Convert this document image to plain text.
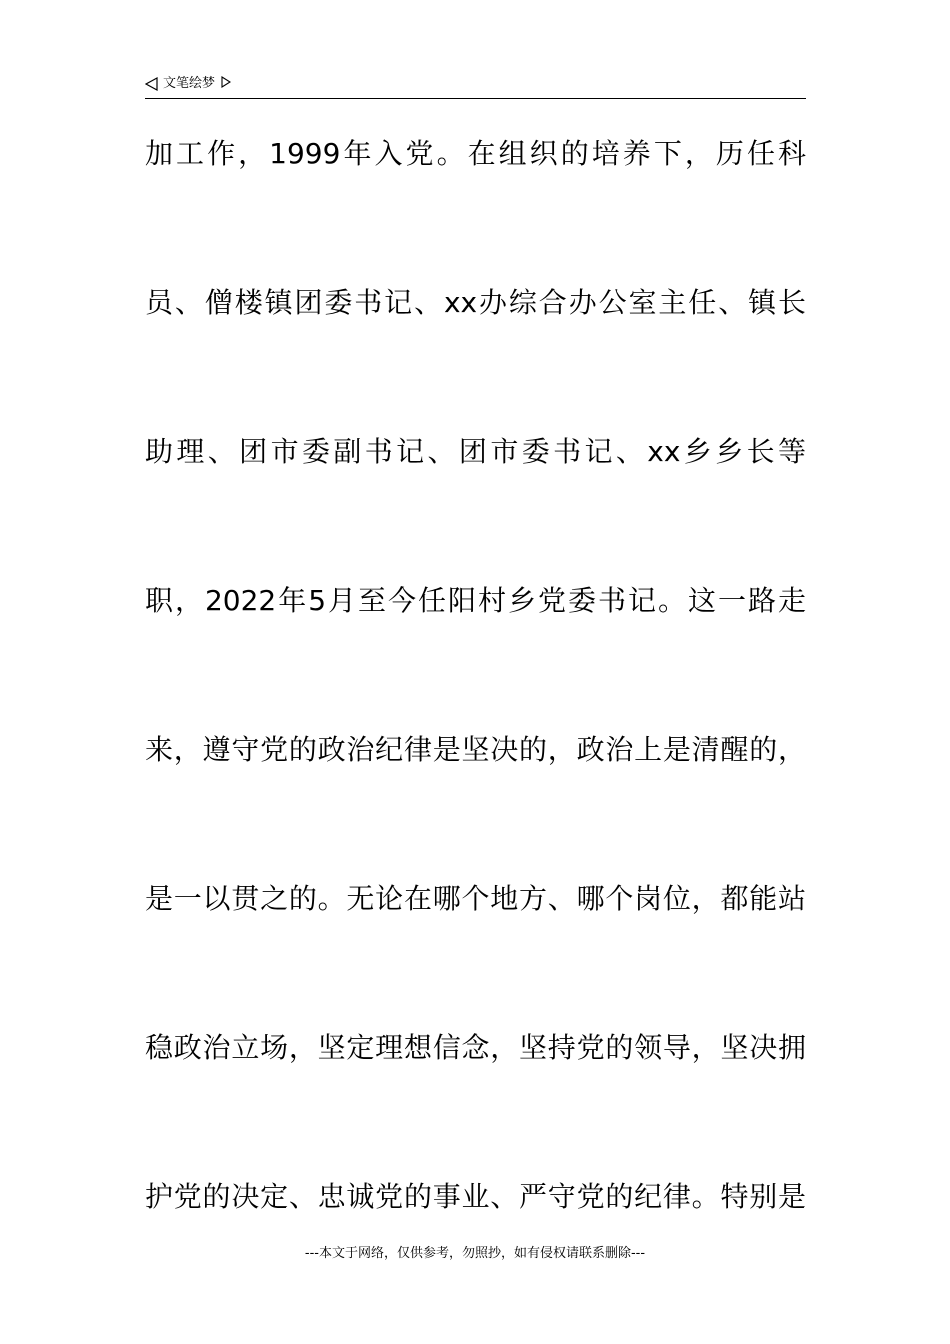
文笔绘梦
加工作，1999年入党。在组织的培养下，历任科
员、僧楼镇团委书记、xx办综合办公室主任、镇长
助理、团市委副书记、团市委书记、xx乡乡长等
职，2022年5月至今任阳村乡党委书记。这一路走
来，遵守党的政治纪律是坚决的，政治上是清醒的，
是一以贯之的。无论在哪个地方、哪个岗位，都能站
稳政治立场，坚定理想信念，坚持党的领导，坚决拥
护党的决定、忠诚党的事业、严守党的纪律。特别是
---本文于网络，仅供参考，勿照抄，如有侵权请联系删除---
